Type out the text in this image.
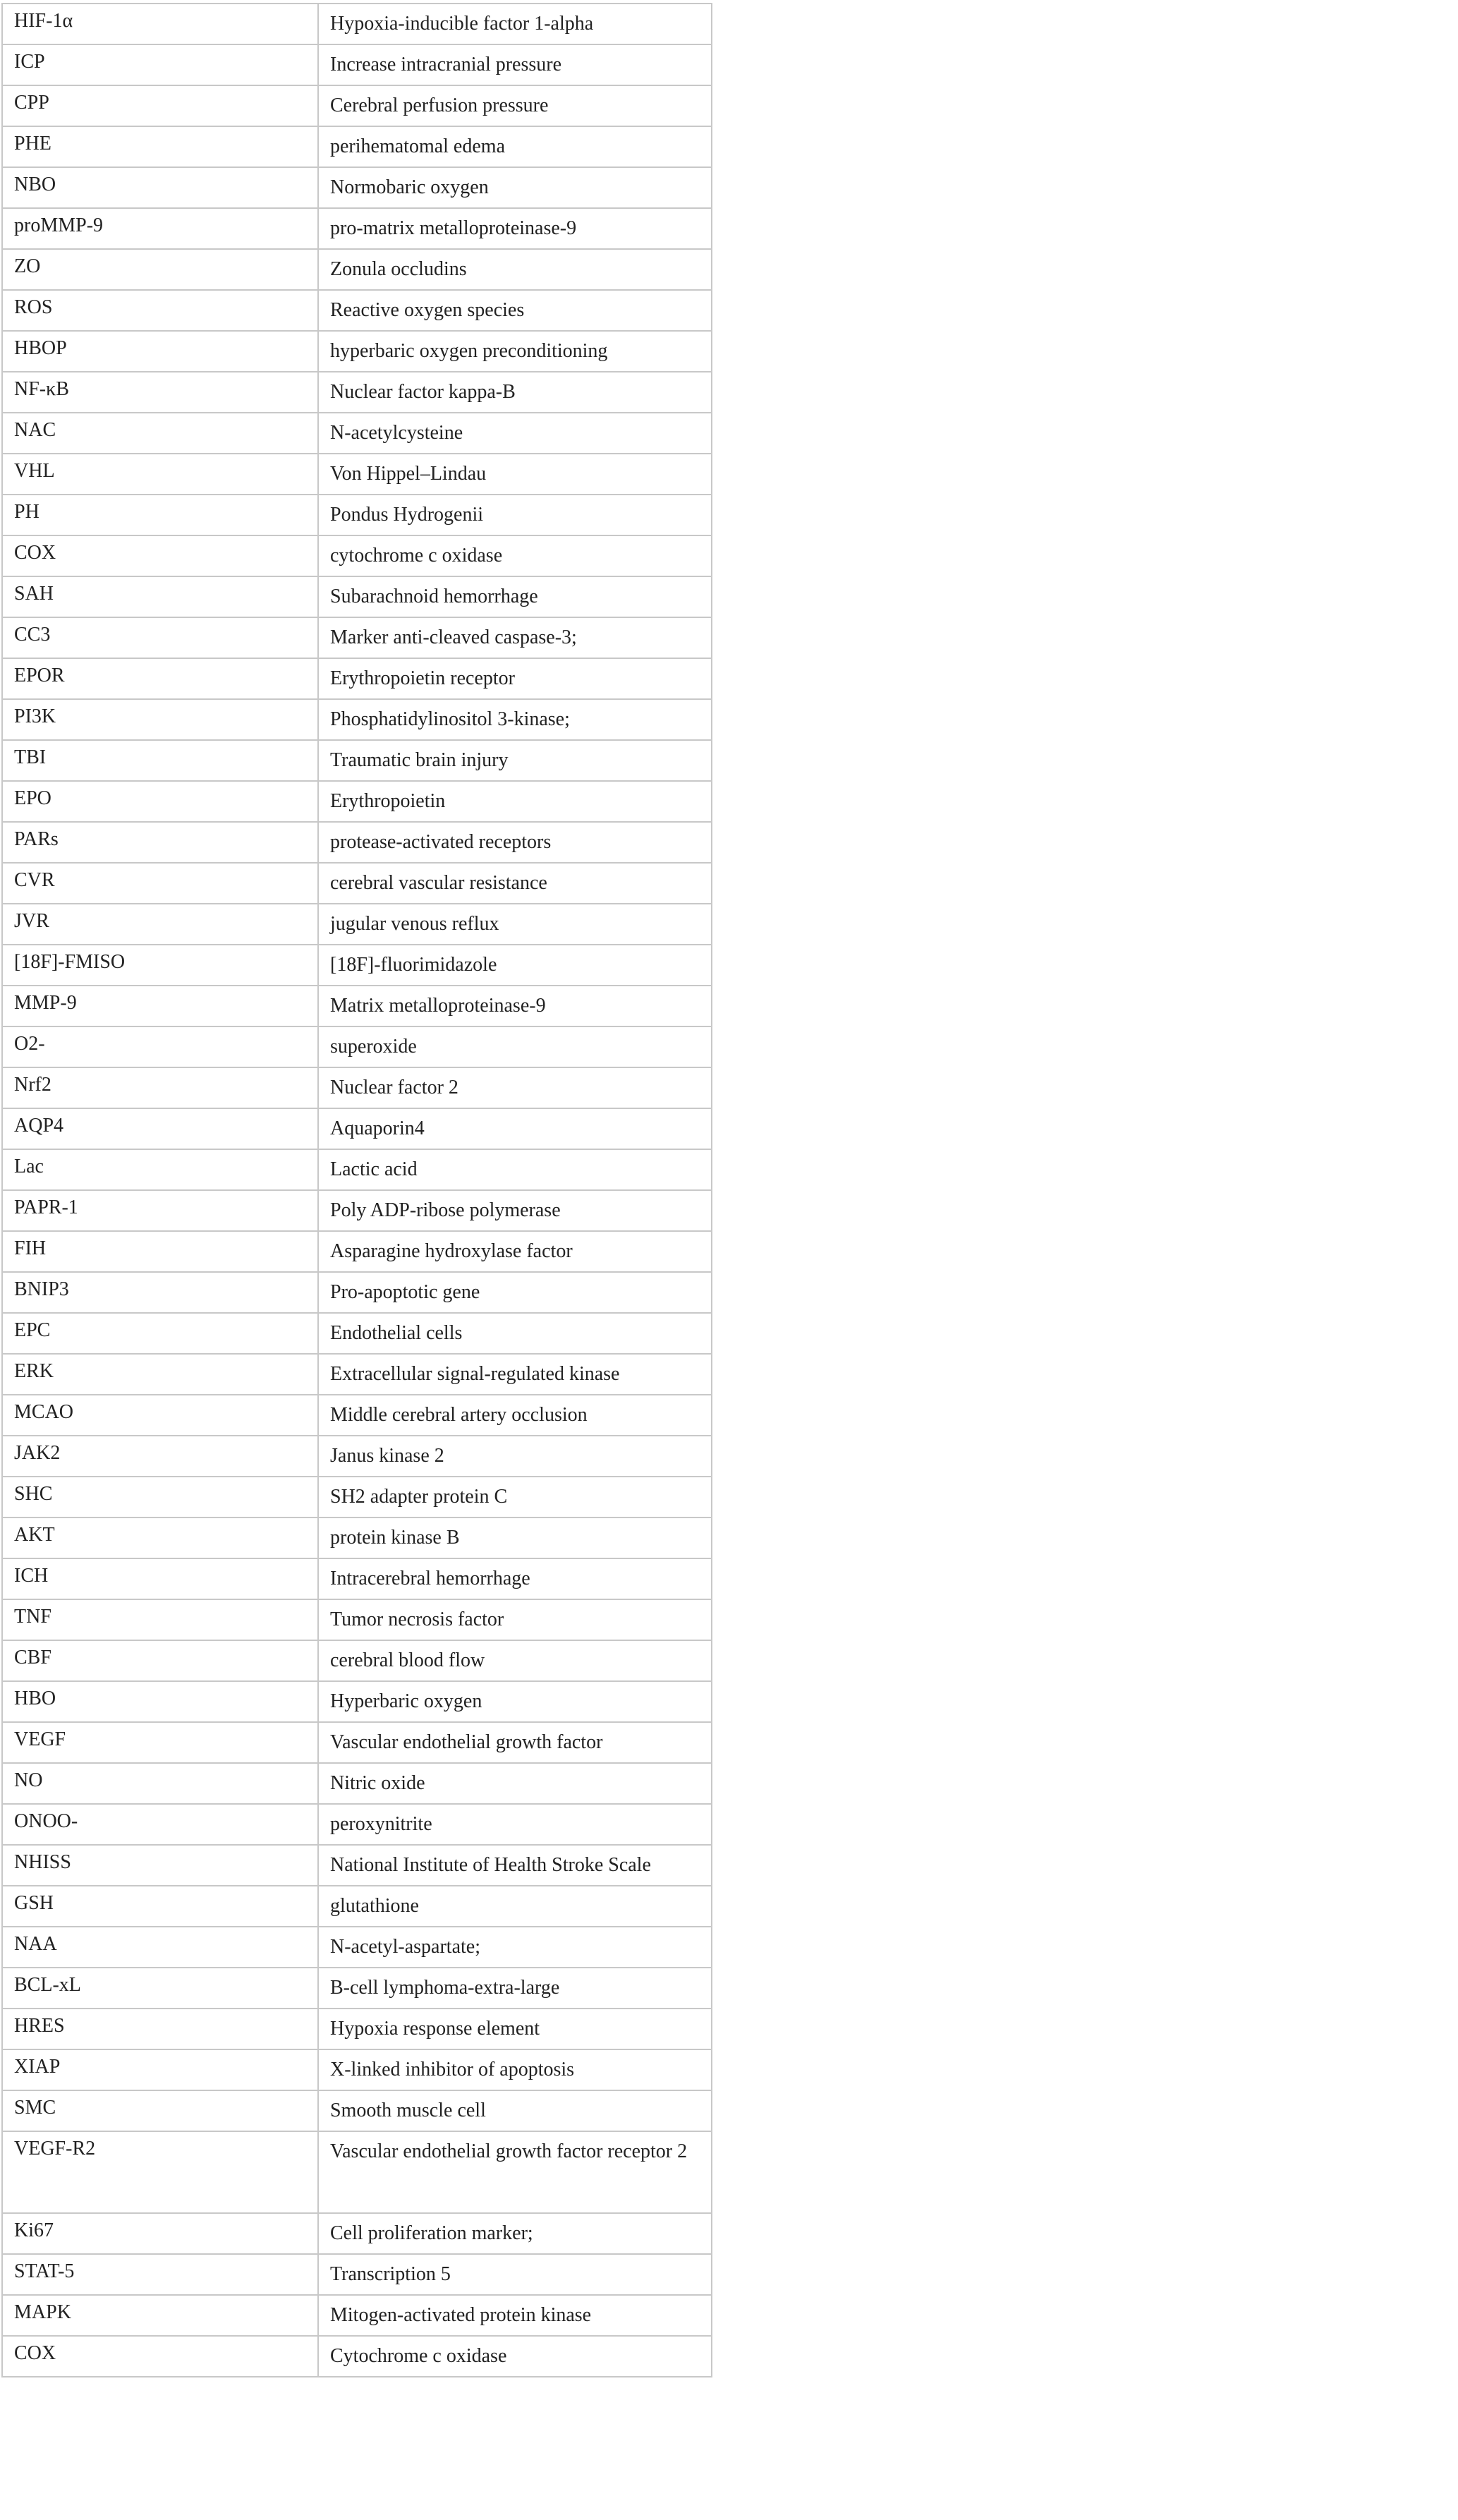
HIF-1α	Hypoxia-inducible factor 1-alpha
ICP	Increase intracranial pressure
CPP	Cerebral perfusion pressure
PHE	perihematomal edema
NBO	Normobaric oxygen
proMMP-9	pro-matrix metalloproteinase-9
ZO	Zonula occludins
ROS	Reactive oxygen species
HBOP	hyperbaric oxygen preconditioning
NF-κB	Nuclear factor kappa-B
NAC	N-acetylcysteine
VHL	Von Hippel–Lindau
PH	Pondus Hydrogenii
COX	cytochrome c oxidase
SAH	Subarachnoid hemorrhage
CC3	Marker anti-cleaved caspase-3;
EPOR	Erythropoietin receptor
PI3K	Phosphatidylinositol 3-kinase;
TBI	Traumatic brain injury
EPO	Erythropoietin
PARs	protease-activated receptors
CVR	cerebral vascular resistance
JVR	jugular venous reflux
[18F]-FMISO	[18F]-fluorimidazole
MMP-9	Matrix metalloproteinase-9
O2-	superoxide
Nrf2	Nuclear factor 2
AQP4	Aquaporin4
Lac	Lactic acid
PAPR-1	Poly ADP-ribose polymerase
FIH	Asparagine hydroxylase factor
BNIP3	Pro-apoptotic gene
EPC	Endothelial cells
ERK	Extracellular signal-regulated kinase
MCAO	Middle cerebral artery occlusion
JAK2	Janus kinase 2
SHC	SH2 adapter protein C
AKT	protein kinase B
ICH	Intracerebral hemorrhage
TNF	Tumor necrosis factor
CBF	cerebral blood flow
HBO	Hyperbaric oxygen
VEGF	Vascular endothelial growth factor
NO	Nitric oxide
ONOO-	peroxynitrite
NHISS	National Institute of Health Stroke Scale
GSH	glutathione
NAA	N-acetyl-aspartate;
BCL-xL	B-cell lymphoma-extra-large
HRES	Hypoxia response element
XIAP	X-linked inhibitor of apoptosis
SMC	Smooth muscle cell
VEGF-R2	Vascular endothelial growth factor receptor 2
Ki67	Cell proliferation marker;
STAT-5	Transcription 5
MAPK	Mitogen-activated protein kinase
COX	Cytochrome c oxidase
